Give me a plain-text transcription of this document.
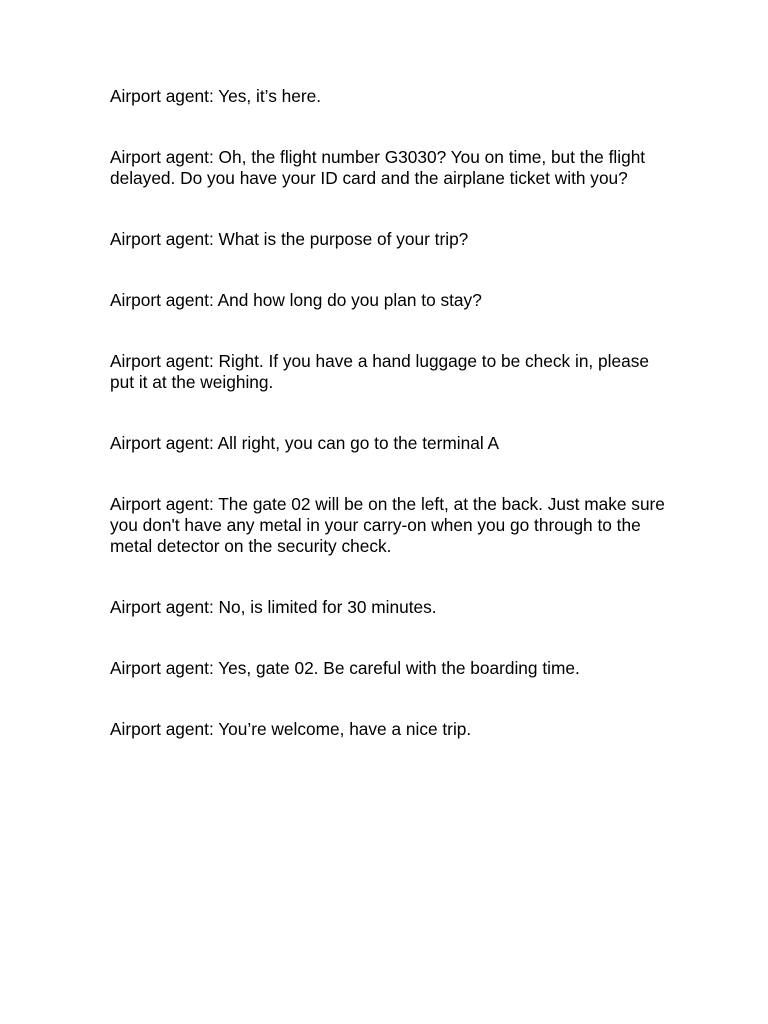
Airport agent: Yes, it’s here.

Airport agent: Oh, the flight number G3030? You on time, but the flight delayed. Do you have your ID card and the airplane ticket with you?

Airport agent: What is the purpose of your trip?

Airport agent: And how long do you plan to stay?

Airport agent: Right. If you have a hand luggage to be check in, please put it at the weighing.

Airport agent: All right, you can go to the terminal A

Airport agent: The gate 02 will be on the left, at the back. Just make sure you don't have any metal in your carry-on when you go through to the metal detector on the security check.

Airport agent: No, is limited for 30 minutes.

Airport agent: Yes, gate 02. Be careful with the boarding time.

Airport agent: You’re welcome, have a nice trip.
